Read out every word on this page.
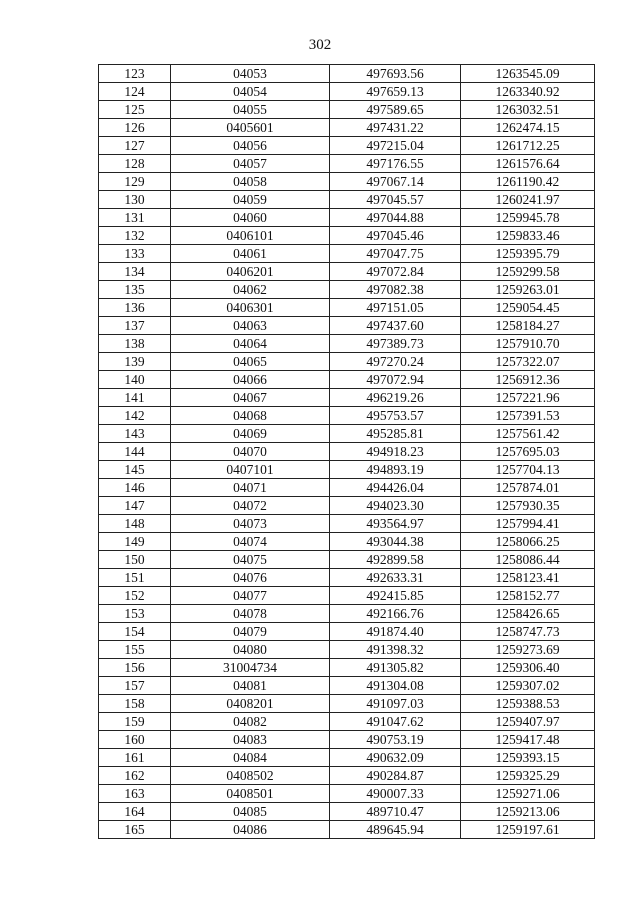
302
123	04053	497693.56	1263545.09
124	04054	497659.13	1263340.92
125	04055	497589.65	1263032.51
126	0405601	497431.22	1262474.15
127	04056	497215.04	1261712.25
128	04057	497176.55	1261576.64
129	04058	497067.14	1261190.42
130	04059	497045.57	1260241.97
131	04060	497044.88	1259945.78
132	0406101	497045.46	1259833.46
133	04061	497047.75	1259395.79
134	0406201	497072.84	1259299.58
135	04062	497082.38	1259263.01
136	0406301	497151.05	1259054.45
137	04063	497437.60	1258184.27
138	04064	497389.73	1257910.70
139	04065	497270.24	1257322.07
140	04066	497072.94	1256912.36
141	04067	496219.26	1257221.96
142	04068	495753.57	1257391.53
143	04069	495285.81	1257561.42
144	04070	494918.23	1257695.03
145	0407101	494893.19	1257704.13
146	04071	494426.04	1257874.01
147	04072	494023.30	1257930.35
148	04073	493564.97	1257994.41
149	04074	493044.38	1258066.25
150	04075	492899.58	1258086.44
151	04076	492633.31	1258123.41
152	04077	492415.85	1258152.77
153	04078	492166.76	1258426.65
154	04079	491874.40	1258747.73
155	04080	491398.32	1259273.69
156	31004734	491305.82	1259306.40
157	04081	491304.08	1259307.02
158	0408201	491097.03	1259388.53
159	04082	491047.62	1259407.97
160	04083	490753.19	1259417.48
161	04084	490632.09	1259393.15
162	0408502	490284.87	1259325.29
163	0408501	490007.33	1259271.06
164	04085	489710.47	1259213.06
165	04086	489645.94	1259197.61
